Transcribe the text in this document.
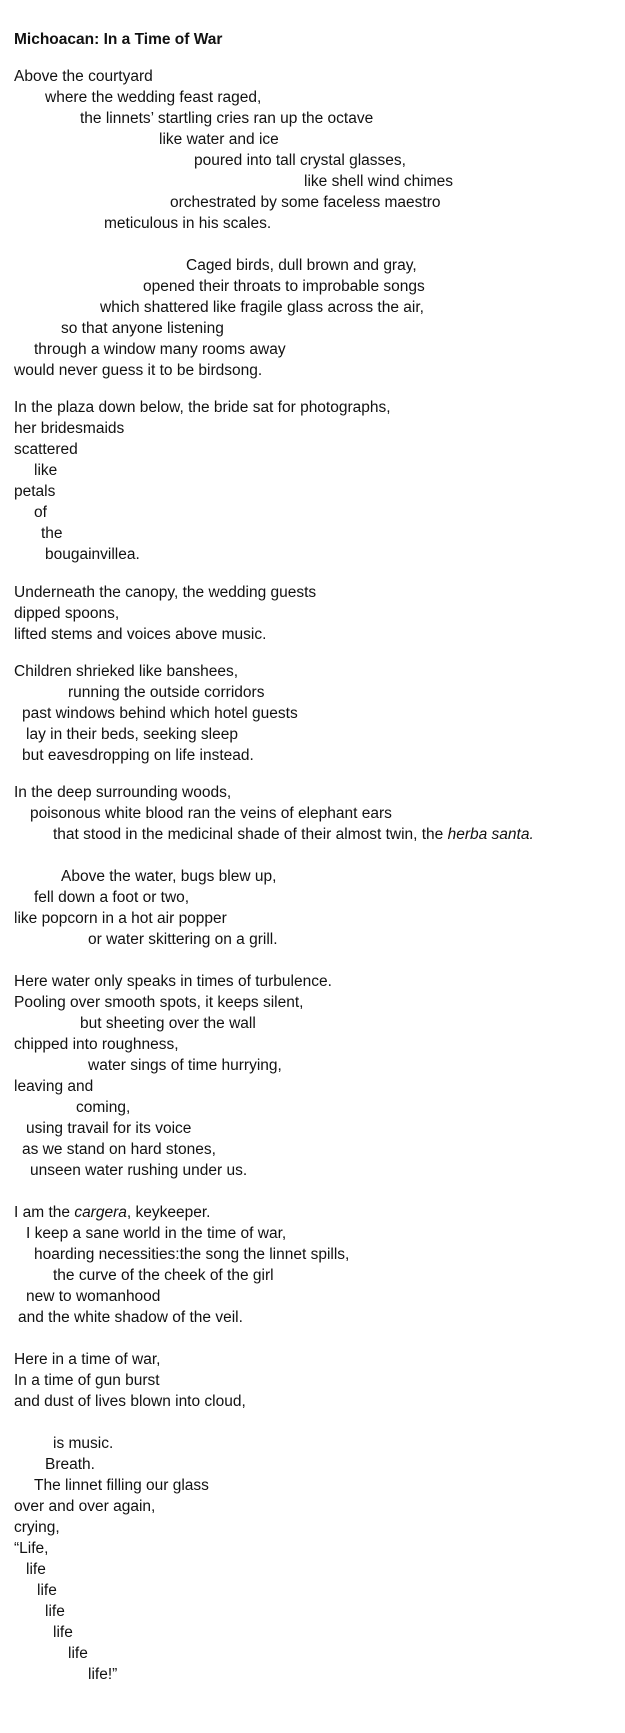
Michoacan: In a Time of War
Above the courtyard
where the wedding feast raged,
the linnets’ startling cries ran up the octave
like water and ice
poured into tall crystal glasses,
like shell wind chimes
orchestrated by some faceless maestro
meticulous in his scales.
Caged birds, dull brown and gray,
opened their throats to improbable songs
which shattered like fragile glass across the air,
so that anyone listening
through a window many rooms away
would never guess it to be birdsong.
In the plaza down below, the bride sat for photographs,
her bridesmaids
scattered
like
petals
of
the
bougainvillea.
Underneath the canopy, the wedding guests
dipped spoons,
lifted stems and voices above music.
Children shrieked like banshees,
running the outside corridors
past windows behind which hotel guests
lay in their beds, seeking sleep
but eavesdropping on life instead.
In the deep surrounding woods,
poisonous white blood ran the veins of elephant ears
that stood in the medicinal shade of their almost twin, the herba santa.
Above the water, bugs blew up,
fell down a foot or two,
like popcorn in a hot air popper
or water skittering on a grill.
Here water only speaks in times of turbulence.
Pooling over smooth spots, it keeps silent,
but sheeting over the wall
chipped into roughness,
water sings of time hurrying,
leaving and
coming,
using travail for its voice
as we stand on hard stones,
unseen water rushing under us.
I am the cargera, keykeeper.
I keep a sane world in the time of war,
hoarding necessities:the song the linnet spills,
the curve of the cheek of the girl
new to womanhood
and the white shadow of the veil.
Here in a time of war,
In a time of gun burst
and dust of lives blown into cloud,
is music.
Breath.
The linnet filling our glass
over and over again,
crying,
“Life,
life
life
life
life
life
life!”
